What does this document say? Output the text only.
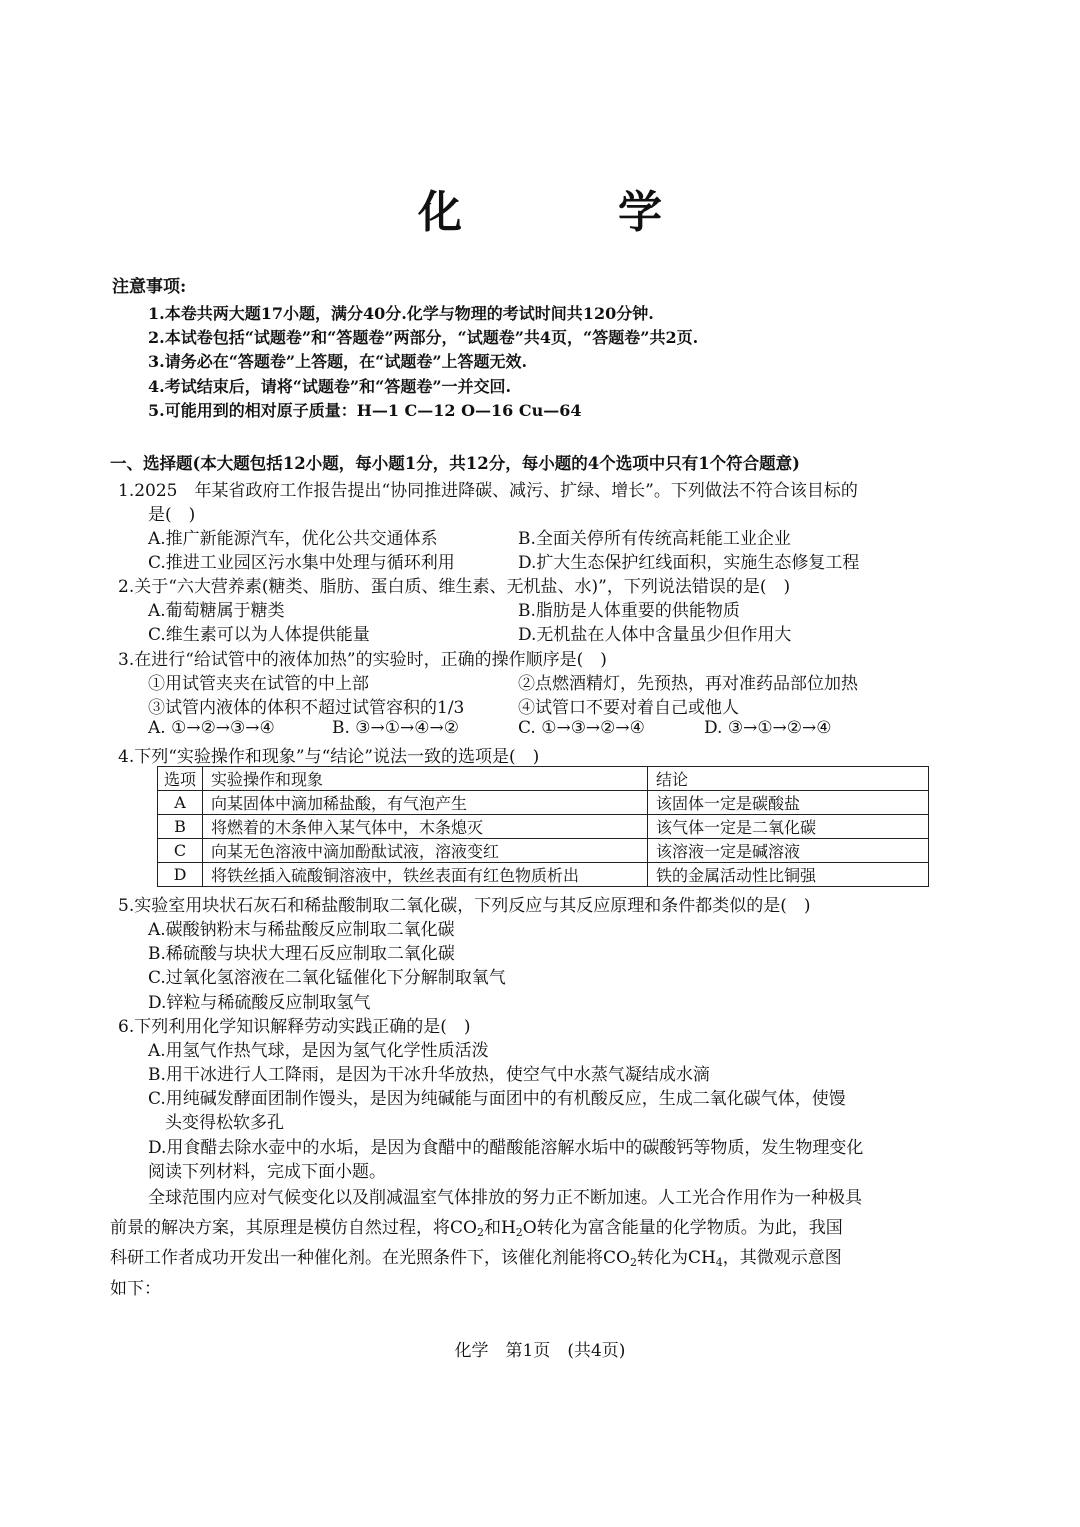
化　学
注意事项:
1.本卷共两大题17小题，满分40分.化学与物理的考试时间共120分钟.
2.本试卷包括“试题卷”和“答题卷”两部分，“试题卷”共4页，“答题卷”共2页.
3.请务必在“答题卷”上答题，在“试题卷”上答题无效.
4.考试结束后，请将“试题卷”和“答题卷”一并交回.
5.可能用到的相对原子质量：H—1 C—12 O—16 Cu—64
一、选择题(本大题包括12小题，每小题1分，共12分，每小题的4个选项中只有1个符合题意)
1.2025　年某省政府工作报告提出“协同推进降碳、减污、扩绿、增长”。下列做法不符合该目标的
是(　)
A.推广新能源汽车，优化公共交通体系	B.全面关停所有传统高耗能工业企业
C.推进工业园区污水集中处理与循环利用	D.扩大生态保护红线面积，实施生态修复工程
2.关于“六大营养素(糖类、脂肪、蛋白质、维生素、无机盐、水)”，下列说法错误的是(　)
A.葡萄糖属于糖类	B.脂肪是人体重要的供能物质
C.维生素可以为人体提供能量	D.无机盐在人体中含量虽少但作用大
3.在进行“给试管中的液体加热”的实验时，正确的操作顺序是(　)
①用试管夹夹在试管的中上部	②点燃酒精灯，先预热，再对准药品部位加热
③试管内液体的体积不超过试管容积的1/3	④试管口不要对着自己或他人
A. ①→②→③→④	B. ③→①→④→②	C. ①→③→②→④	D. ③→①→②→④
4.下列“实验操作和现象”与“结论”说法一致的选项是(　)
选项	实验操作和现象	结论
A	向某固体中滴加稀盐酸，有气泡产生	该固体一定是碳酸盐
B	将燃着的木条伸入某气体中，木条熄灭	该气体一定是二氧化碳
C	向某无色溶液中滴加酚酞试液，溶液变红	该溶液一定是碱溶液
D	将铁丝插入硫酸铜溶液中，铁丝表面有红色物质析出	铁的金属活动性比铜强
5.实验室用块状石灰石和稀盐酸制取二氧化碳，下列反应与其反应原理和条件都类似的是(　)
A.碳酸钠粉末与稀盐酸反应制取二氧化碳
B.稀硫酸与块状大理石反应制取二氧化碳
C.过氧化氢溶液在二氧化锰催化下分解制取氧气
D.锌粒与稀硫酸反应制取氢气
6.下列利用化学知识解释劳动实践正确的是(　)
A.用氢气作热气球，是因为氢气化学性质活泼
B.用干冰进行人工降雨，是因为干冰升华放热，使空气中水蒸气凝结成水滴
C.用纯碱发酵面团制作馒头，是因为纯碱能与面团中的有机酸反应，生成二氧化碳气体，使馒
头变得松软多孔
D.用食醋去除水壶中的水垢，是因为食醋中的醋酸能溶解水垢中的碳酸钙等物质，发生物理变化
阅读下列材料，完成下面小题。
全球范围内应对气候变化以及削减温室气体排放的努力正不断加速。人工光合作用作为一种极具
前景的解决方案，其原理是模仿自然过程，将$CO_2$和$H_2O$转化为富含能量的化学物质。为此，我国
科研工作者成功开发出一种催化剂。在光照条件下，该催化剂能将$CO_2$转化为$CH_4$，其微观示意图
如下：
化学　第1页　(共4页)
